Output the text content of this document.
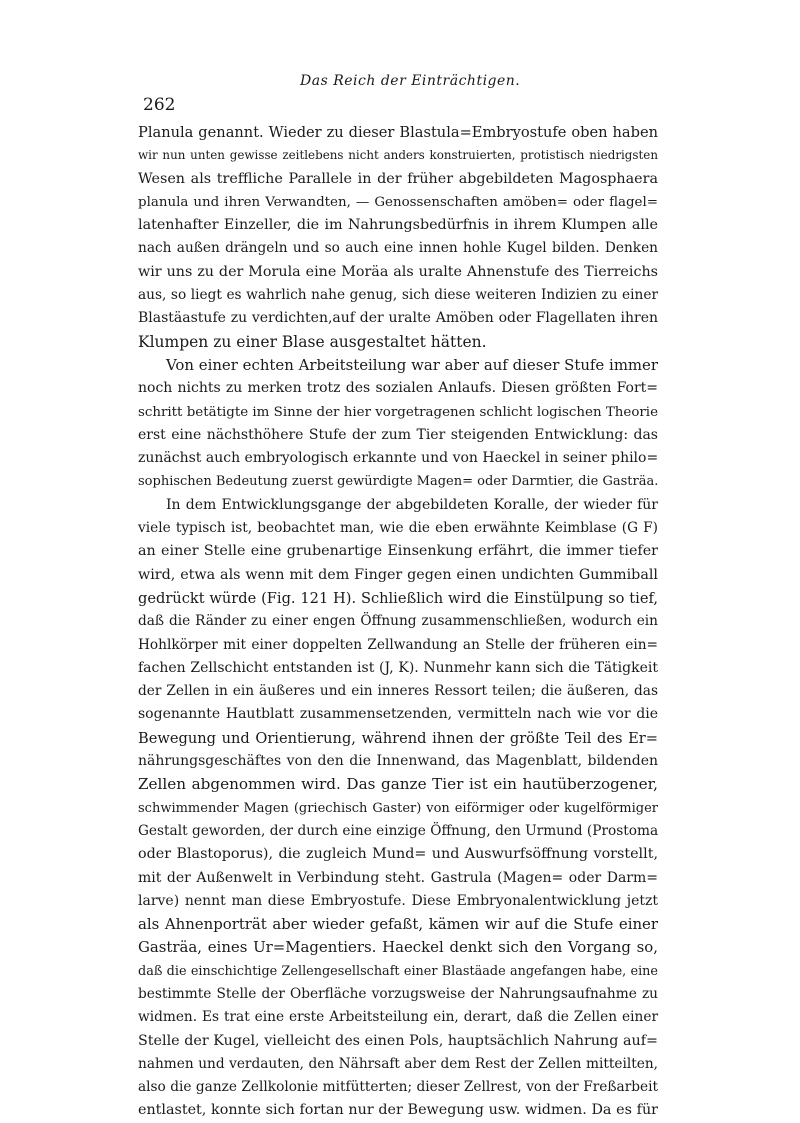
Das Reich der Einträchtigen.
262
Planula genannt. Wieder zu dieser Blastula=Embryostufe oben haben
wir nun unten gewisse zeitlebens nicht anders konstruierten, protistisch niedrigsten
Wesen als treffliche Parallele in der früher abgebildeten Magosphaera
planula und ihren Verwandten, — Genossenschaften amöben= oder flagel=
latenhafter Einzeller, die im Nahrungsbedürfnis in ihrem Klumpen alle
nach außen drängeln und so auch eine innen hohle Kugel bilden. Denken
wir uns zu der Morula eine Moräa als uralte Ahnenstufe des Tierreichs
aus, so liegt es wahrlich nahe genug, sich diese weiteren Indizien zu einer
Blastäastufe zu verdichten,auf der uralte Amöben oder Flagellaten ihren
Klumpen zu einer Blase ausgestaltet hätten.
Von einer echten Arbeitsteilung war aber auf dieser Stufe immer
noch nichts zu merken trotz des sozialen Anlaufs. Diesen größten Fort=
schritt betätigte im Sinne der hier vorgetragenen schlicht logischen Theorie
erst eine nächsthöhere Stufe der zum Tier steigenden Entwicklung: das
zunächst auch embryologisch erkannte und von Haeckel in seiner philo=
sophischen Bedeutung zuerst gewürdigte Magen= oder Darmtier, die Gasträa.
In dem Entwicklungsgange der abgebildeten Koralle, der wieder für
viele typisch ist, beobachtet man, wie die eben erwähnte Keimblase (G F)
an einer Stelle eine grubenartige Einsenkung erfährt, die immer tiefer
wird, etwa als wenn mit dem Finger gegen einen undichten Gummiball
gedrückt würde (Fig. 121 H). Schließlich wird die Einstülpung so tief,
daß die Ränder zu einer engen Öffnung zusammenschließen, wodurch ein
Hohlkörper mit einer doppelten Zellwandung an Stelle der früheren ein=
fachen Zellschicht entstanden ist (J, K). Nunmehr kann sich die Tätigkeit
der Zellen in ein äußeres und ein inneres Ressort teilen; die äußeren, das
sogenannte Hautblatt zusammensetzenden, vermitteln nach wie vor die
Bewegung und Orientierung, während ihnen der größte Teil des Er=
nährungsgeschäftes von den die Innenwand, das Magenblatt, bildenden
Zellen abgenommen wird. Das ganze Tier ist ein hautüberzogener,
schwimmender Magen (griechisch Gaster) von eiförmiger oder kugelförmiger
Gestalt geworden, der durch eine einzige Öffnung, den Urmund (Prostoma
oder Blastoporus), die zugleich Mund= und Auswurfsöffnung vorstellt,
mit der Außenwelt in Verbindung steht. Gastrula (Magen= oder Darm=
larve) nennt man diese Embryostufe. Diese Embryonalentwicklung jetzt
als Ahnenporträt aber wieder gefaßt, kämen wir auf die Stufe einer
Gasträa, eines Ur=Magentiers. Haeckel denkt sich den Vorgang so,
daß die einschichtige Zellengesellschaft einer Blastäade angefangen habe, eine
bestimmte Stelle der Oberfläche vorzugsweise der Nahrungsaufnahme zu
widmen. Es trat eine erste Arbeitsteilung ein, derart, daß die Zellen einer
Stelle der Kugel, vielleicht des einen Pols, hauptsächlich Nahrung auf=
nahmen und verdauten, den Nährsaft aber dem Rest der Zellen mitteilten,
also die ganze Zellkolonie mitfütterten; dieser Zellrest, von der Freßarbeit
entlastet, konnte sich fortan nur der Bewegung usw. widmen. Da es für
